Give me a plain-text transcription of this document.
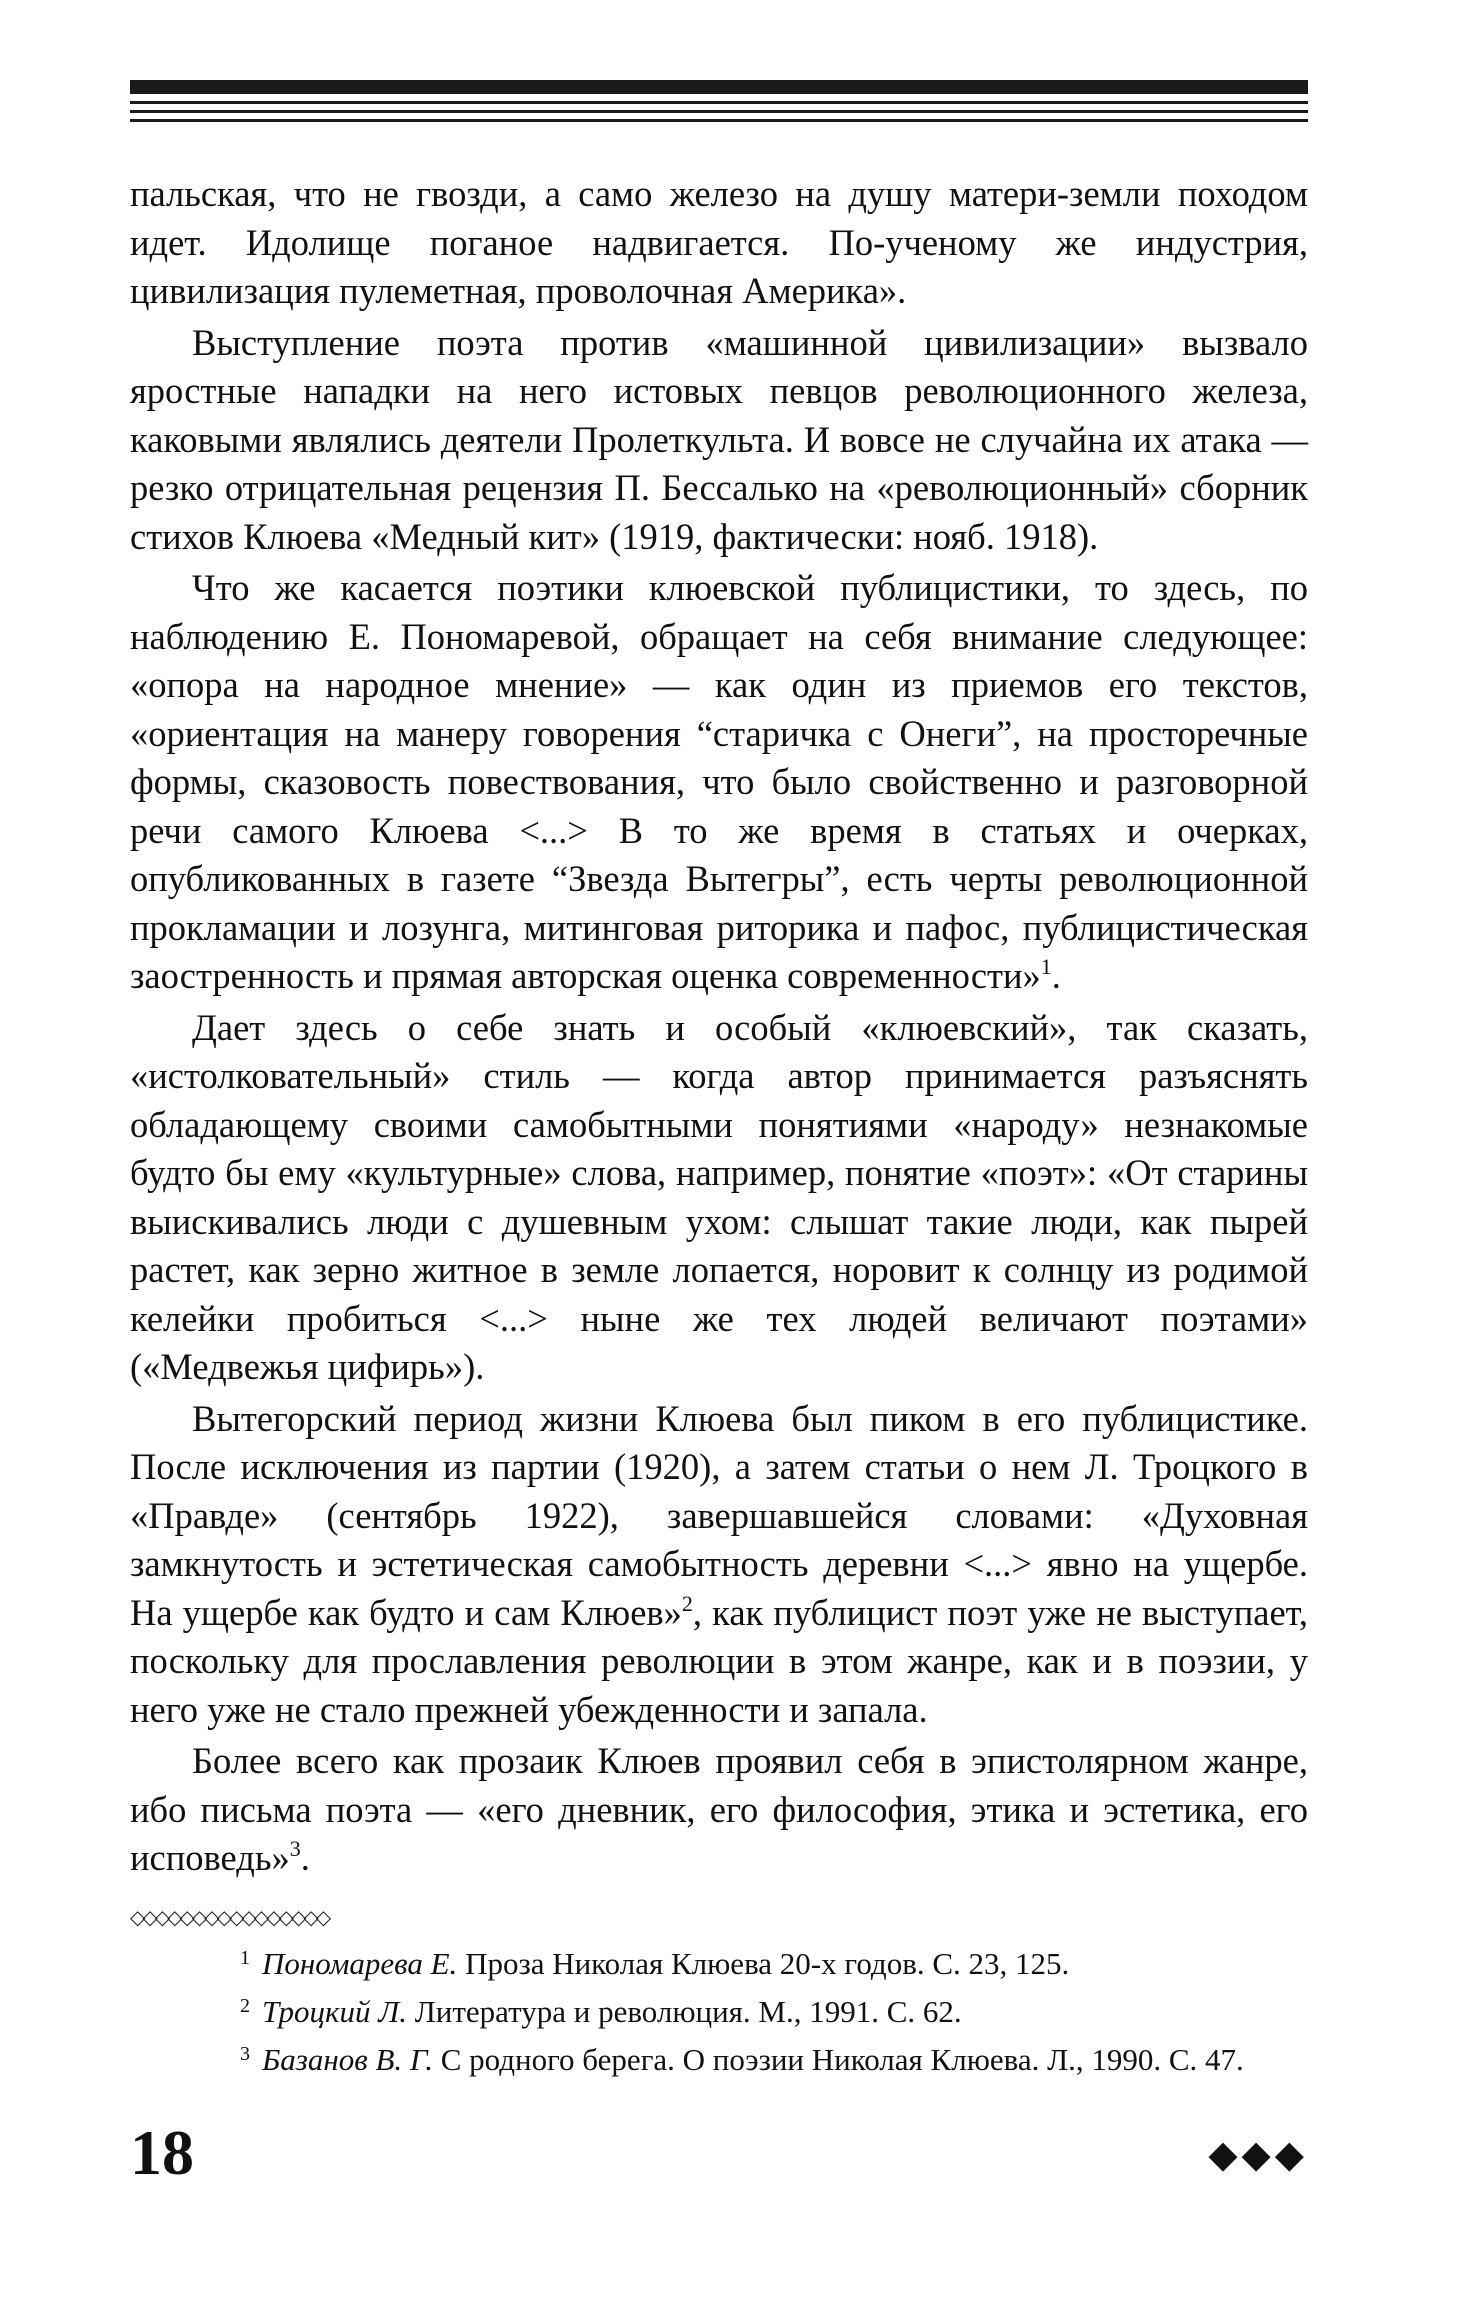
пальская, что не гвозди, а само железо на душу матери-земли походом идет. Идолище поганое надвигается. По-ученому же индустрия, цивилизация пулеметная, проволочная Америка».

Выступление поэта против «машинной цивилизации» вызвало яростные нападки на него истовых певцов революционного железа, каковыми являлись деятели Пролеткульта. И вовсе не случайна их атака — резко отрицательная рецензия П. Бессалько на «революционный» сборник стихов Клюева «Медный кит» (1919, фактически: нояб. 1918).

Что же касается поэтики клюевской публицистики, то здесь, по наблюдению Е. Пономаревой, обращает на себя внимание следующее: «опора на народное мнение» — как один из приемов его текстов, «ориентация на манеру говорения “старичка с Онеги”, на просторечные формы, сказовость повествования, что было свойственно и разговорной речи самого Клюева <...> В то же время в статьях и очерках, опубликованных в газете “Звезда Вытегры”, есть черты революционной прокламации и лозунга, митинговая риторика и пафос, публицистическая заостренность и прямая авторская оценка современности»$^1$.

Дает здесь о себе знать и особый «клюевский», так сказать, «истолковательный» стиль — когда автор принимается разъяснять обладающему своими самобытными понятиями «народу» незнакомые будто бы ему «культурные» слова, например, понятие «поэт»: «От старины выискивались люди с душевным ухом: слышат такие люди, как пырей растет, как зерно житное в земле лопается, норовит к солнцу из родимой келейки пробиться <...> ныне же тех людей величают поэтами» («Медвежья цифирь»).

Вытегорский период жизни Клюева был пиком в его публицистике. После исключения из партии (1920), а затем статьи о нем Л. Троцкого в «Правде» (сентябрь 1922), завершавшейся словами: «Духовная замкнутость и эстетическая самобытность деревни <...> явно на ущербе. На ущербе как будто и сам Клюев»$^2$, как публицист поэт уже не выступает, поскольку для прославления революции в этом жанре, как и в поэзии, у него уже не стало прежней убежденности и запала.

Более всего как прозаик Клюев проявил себя в эпистолярном жанре, ибо письма поэта — «его дневник, его философия, этика и эстетика, его исповедь»$^3$.

◇◇◇◇◇◇◇◇◇◇◇◇◇◇◇◇

$^1$ Пономарева Е. Проза Николая Клюева 20-х годов. С. 23, 125.

$^2$ Троцкий Л. Литература и революция. М., 1991. С. 62.

$^3$ Базанов В. Г. С родного берега. О поэзии Николая Клюева. Л., 1990. С. 47.

18	◆◆◆
